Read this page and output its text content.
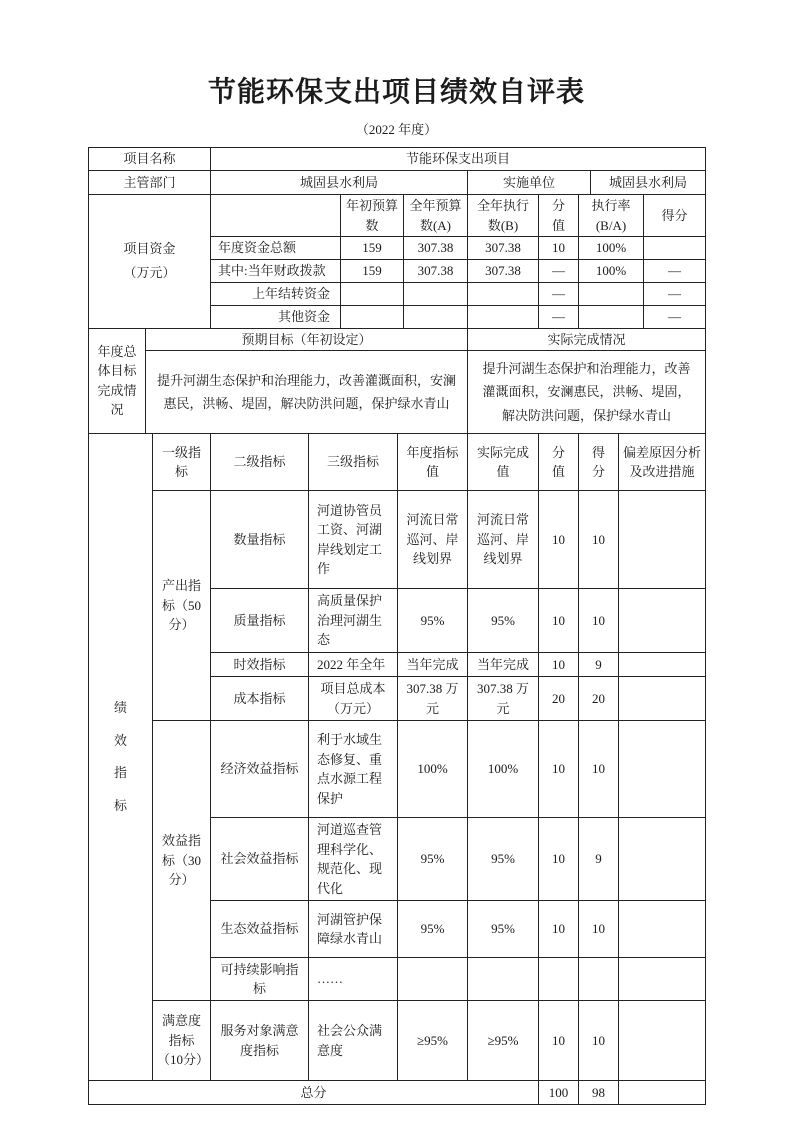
节能环保支出项目绩效自评表
（2022 年度）
项目名称	节能环保支出项目		
主管部门	城固县水利局	实施单位	城固县水利局
项目资金
（万元）		年初预算数	全年预算数(A)	全年执行数(B)	分值	执行率(B/A)	得分
	年度资金总额	159	307.38	307.38	10	100%	
	其中:当年财政拨款	159	307.38	307.38	—	100%	—
	上年结转资金				—		—
	其他资金				—		—
年度总体目标完成情况	预期目标（年初设定）	实际完成情况
	提升河湖生态保护和治理能力，改善灌溉面积，安澜惠民，洪畅、堤固，解决防洪问题，保护绿水青山	提升河湖生态保护和治理能力，改善灌溉面积，安澜惠民，洪畅、堤固，解决防洪问题，保护绿水青山
绩效指标	一级指标	二级指标	三级指标	年度指标值	实际完成值	分值	得分	偏差原因分析及改进措施
	产出指标（50分）	数量指标	河道协管员工资、河湖岸线划定工作	河流日常巡河、岸线划界	河流日常巡河、岸线划界	10	10	
		质量指标	高质量保护治理河湖生态	95%	95%	10	10	
		时效指标	2022 年全年	当年完成	当年完成	10	9	
		成本指标	项目总成本（万元）	307.38 万元	307.38 万元	20	20	
	效益指标（30分）	经济效益指标	利于水域生态修复、重点水源工程保护	100%	100%	10	10	
		社会效益指标	河道巡查管理科学化、规范化、现代化	95%	95%	10	9	
		生态效益指标	河湖管护保障绿水青山	95%	95%	10	10	
		可持续影响指标	……					
	满意度指标（10分）	服务对象满意度指标	社会公众满意度	≥95%	≥95%	10	10	
总分	100	98	
